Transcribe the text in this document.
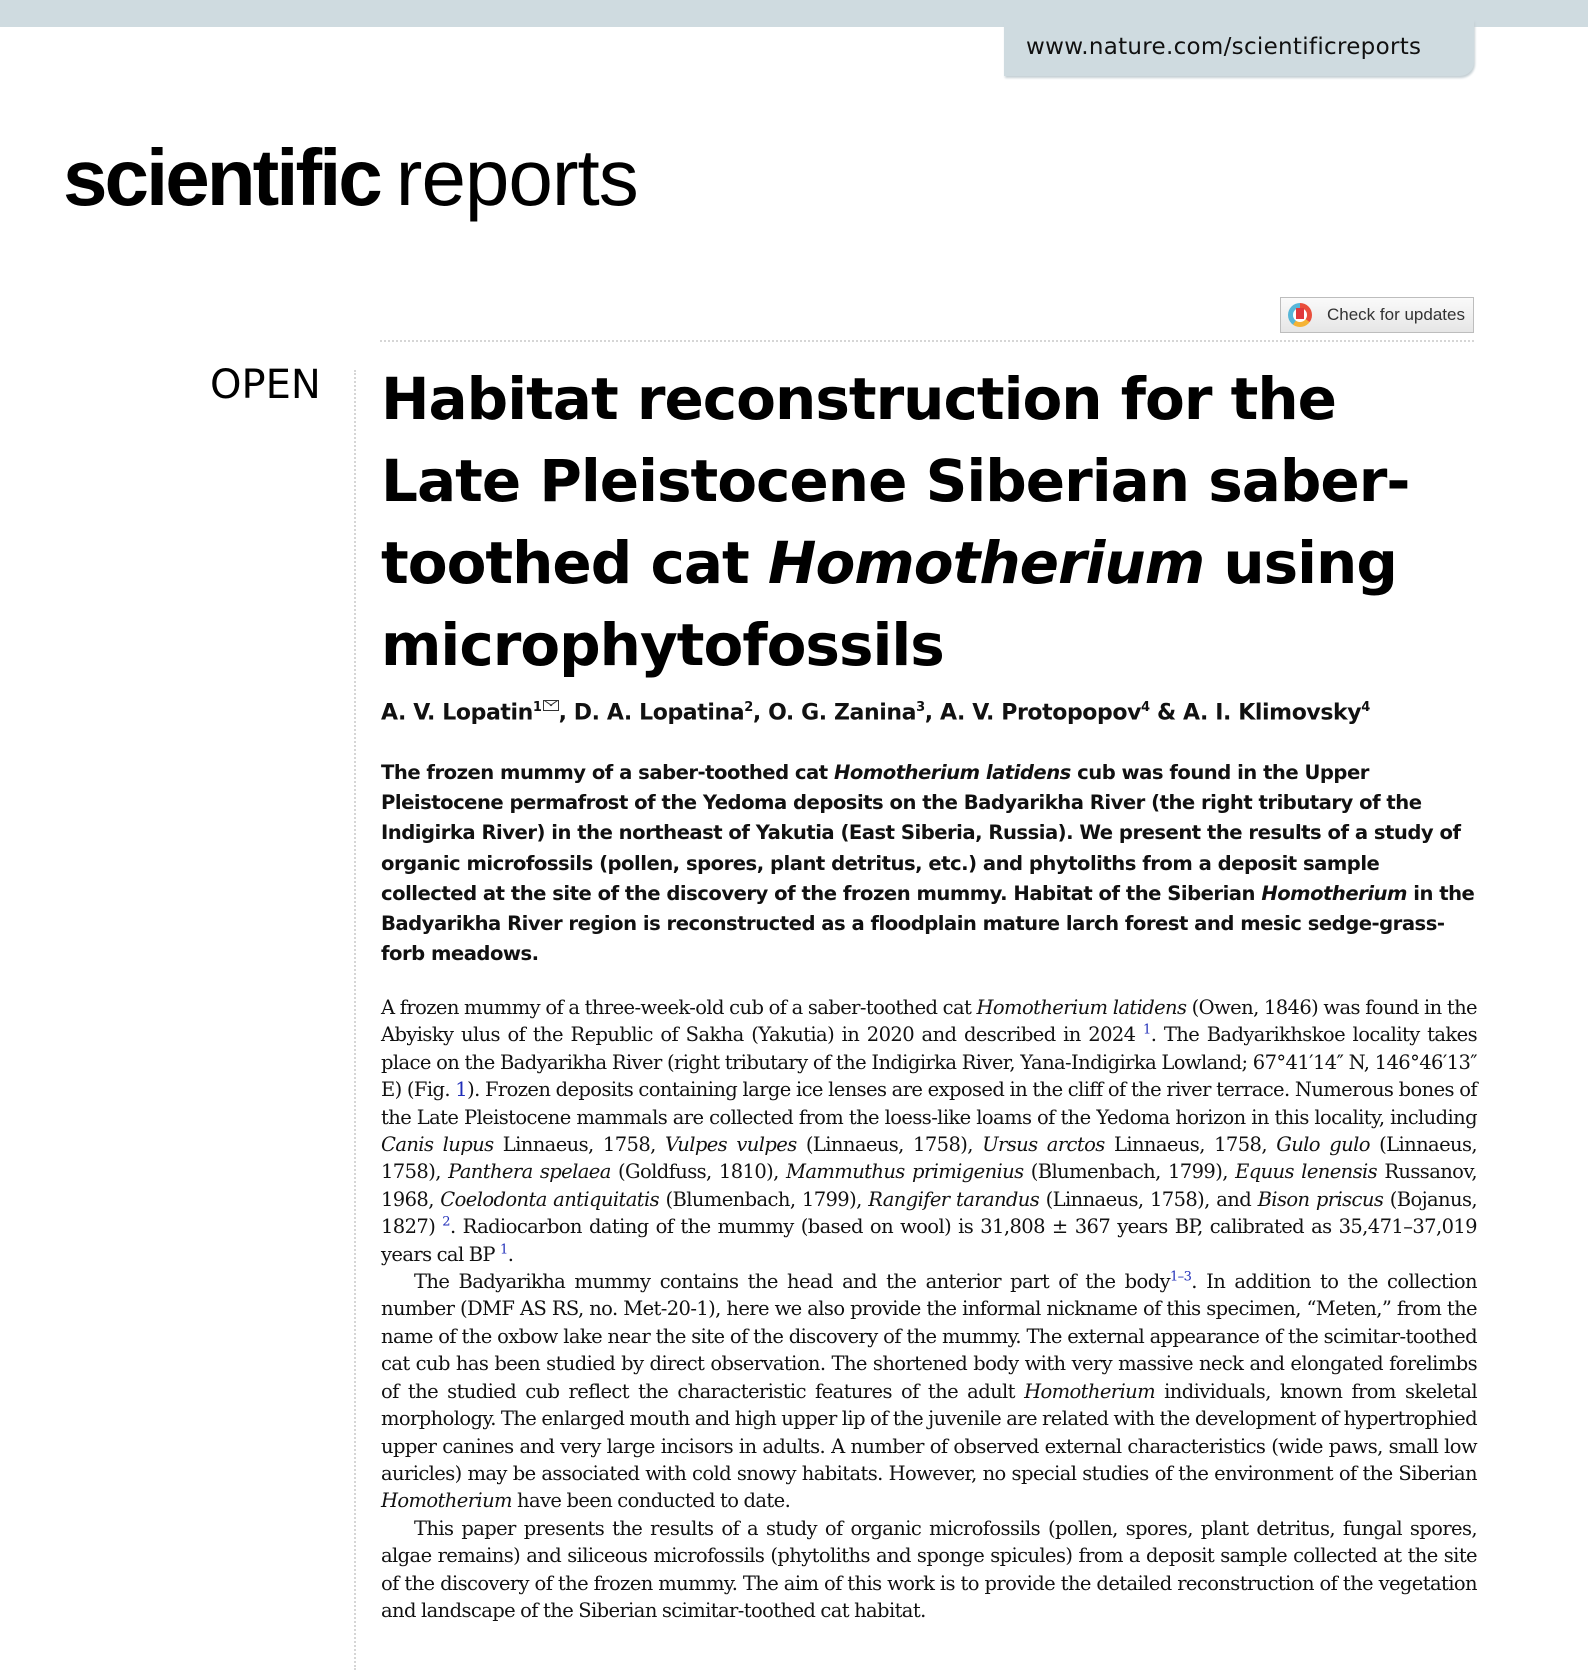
www.nature.com/scientificreports
scientific reports
Check for updates
OPEN Habitat reconstruction for the Late Pleistocene Siberian saber-toothed cat Homotherium using microphytofossils
A. V. Lopatin$^1$ , D. A. Lopatina$^2$, O. G. Zanina$^3$, A. V. Protopopov$^4$ & A. I. Klimovsky$^4$

The frozen mummy of a saber-toothed cat Homotherium latidens cub was found in the Upper Pleistocene permafrost of the Yedoma deposits on the Badyarikha River (the right tributary of the Indigirka River) in the northeast of Yakutia (East Siberia, Russia). We present the results of a study of organic microfossils (pollen, spores, plant detritus, etc.) and phytoliths from a deposit sample collected at the site of the discovery of the frozen mummy. Habitat of the Siberian Homotherium in the Badyarikha River region is reconstructed as a floodplain mature larch forest and mesic sedge-grass-forb meadows.

A frozen mummy of a three-week-old cub of a saber-toothed cat Homotherium latidens (Owen, 1846) was found in the Abyisky ulus of the Republic of Sakha (Yakutia) in 2020 and described in 2024 $^1$. The Badyarikhskoe locality takes place on the Badyarikha River (right tributary of the Indigirka River, Yana-Indigirka Lowland; 67°41′14″ N, 146°46′13″ E) (Fig. 1). Frozen deposits containing large ice lenses are exposed in the cliff of the river terrace. Numerous bones of the Late Pleistocene mammals are collected from the loess-like loams of the Yedoma horizon in this locality, including Canis lupus Linnaeus, 1758, Vulpes vulpes (Linnaeus, 1758), Ursus arctos Linnaeus, 1758, Gulo gulo (Linnaeus, 1758), Panthera spelaea (Goldfuss, 1810), Mammuthus primigenius (Blumenbach, 1799), Equus lenensis Russanov, 1968, Coelodonta antiquitatis (Blumenbach, 1799), Rangifer tarandus (Linnaeus, 1758), and Bison priscus (Bojanus, 1827) $^2$. Radiocarbon dating of the mummy (based on wool) is 31,808 ± 367 years BP, calibrated as 35,471–37,019 years cal BP $^1$.

The Badyarikha mummy contains the head and the anterior part of the body$^{1-3}$. In addition to the collection number (DMF AS RS, no. Met-20-1), here we also provide the informal nickname of this specimen, “Meten,” from the name of the oxbow lake near the site of the discovery of the mummy. The external appearance of the scimitar-toothed cat cub has been studied by direct observation. The shortened body with very massive neck and elongated forelimbs of the studied cub reflect the characteristic features of the adult Homotherium individuals, known from skeletal morphology. The enlarged mouth and high upper lip of the juvenile are related with the development of hypertrophied upper canines and very large incisors in adults. A number of observed external characteristics (wide paws, small low auricles) may be associated with cold snowy habitats. However, no special studies of the environment of the Siberian Homotherium have been conducted to date.

This paper presents the results of a study of organic microfossils (pollen, spores, plant detritus, fungal spores, algae remains) and siliceous microfossils (phytoliths and sponge spicules) from a deposit sample collected at the site of the discovery of the frozen mummy. The aim of this work is to provide the detailed reconstruction of the vegetation and landscape of the Siberian scimitar-toothed cat habitat.
